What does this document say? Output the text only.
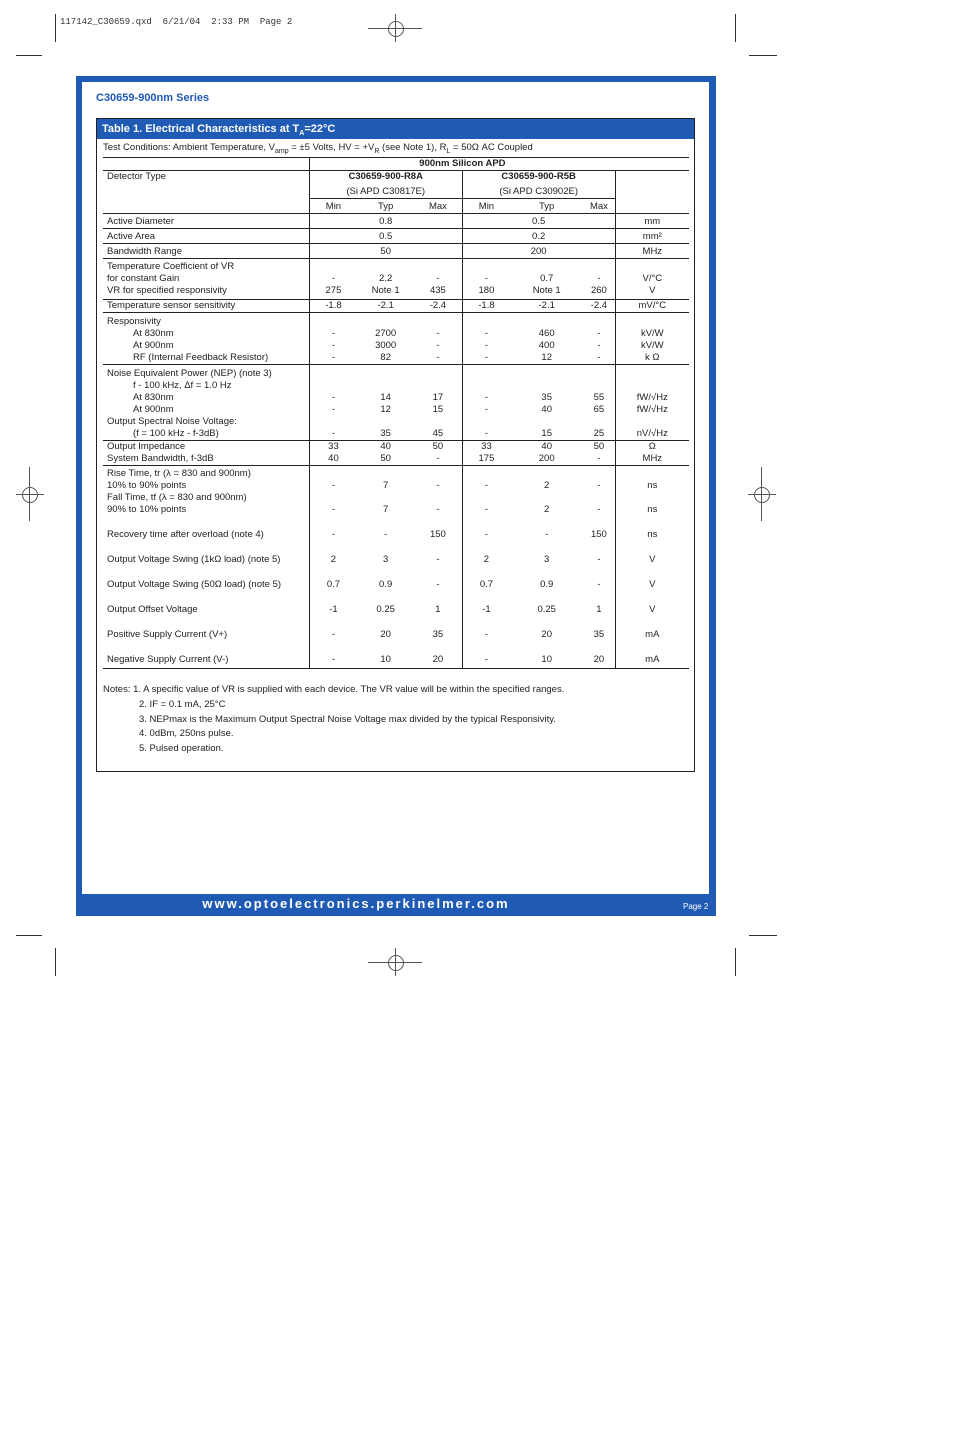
117142_C30659.qxd  6/21/04  2:33 PM  Page 2
C30659-900nm Series
Table 1. Electrical Characteristics at $T_A=22^\circ C$
Test Conditions: Ambient Temperature, $V_{amp} = \pm 5$ Volts, HV = $+V_R$ (see Note 1), $R_L = 50\Omega$ AC Coupled
	900nm Silicon APD						
Detector Type	C30659-900-R8A			C30659-900-R5B			
	(Si APD C30817E)			(Si APD C30902E)			
	Min	Typ	Max	Min	Typ	Max	
Active Diameter	0.8			0.5			mm
Active Area	0.5			0.2			mm²
Bandwidth Range	50			200			MHz
Temperature Coefficient of VR							
for constant Gain	-	2.2	-	-	0.7	-	V/°C
VR for specified responsivity	275	Note 1	435	180	Note 1	260	V
Temperature sensor sensitivity	-1.8	-2.1	-2.4	-1.8	-2.1	-2.4	mV/°C
Responsivity							
At 830nm	-	2700	-	-	460	-	kV/W
At 900nm	-	3000	-	-	400	-	kV/W
RF (Internal Feedback Resistor)	-	82	-	-	12	-	k Ω
Noise Equivalent Power (NEP) (note 3)							
f - 100 kHz, Δf = 1.0 Hz							
At 830nm	-	14	17	-	35	55	fW/√Hz
At 900nm	-	12	15	-	40	65	fW/√Hz
Output Spectral Noise Voltage:							
(f = 100 kHz - f-3dB)	-	35	45	-	15	25	nV/√Hz
Output Impedance	33	40	50	33	40	50	Ω
System Bandwidth, f-3dB	40	50	-	175	200	-	MHz
Rise Time, tr (λ = 830 and 900nm)							
10% to 90% points	-	7	-	-	2	-	ns
Fall Time, tf (λ = 830 and 900nm)							
90% to 10% points	-	7	-	-	2	-	ns

Recovery time after overload (note 4)	-	-	150	-	-	150	ns

Output Voltage Swing (1kΩ load) (note 5)	2	3	-	2	3	-	V

Output Voltage Swing (50Ω load) (note 5)	0.7	0.9	-	0.7	0.9	-	V

Output Offset Voltage	-1	0.25	1	-1	0.25	1	V

Positive Supply Current (V+)	-	20	35	-	20	35	mA

Negative Supply Current (V-)	-	10	20	-	10	20	mA

Notes: 1. A specific value of VR is supplied with each device. The VR value will be within the specified ranges.
2. IF = 0.1 mA, 25°C
3. NEPmax is the Maximum Output Spectral Noise Voltage max divided by the typical Responsivity.
4. 0dBm, 250ns pulse.
5. Pulsed operation.
www.optoelectronics.perkinelmer.com	Page 2
